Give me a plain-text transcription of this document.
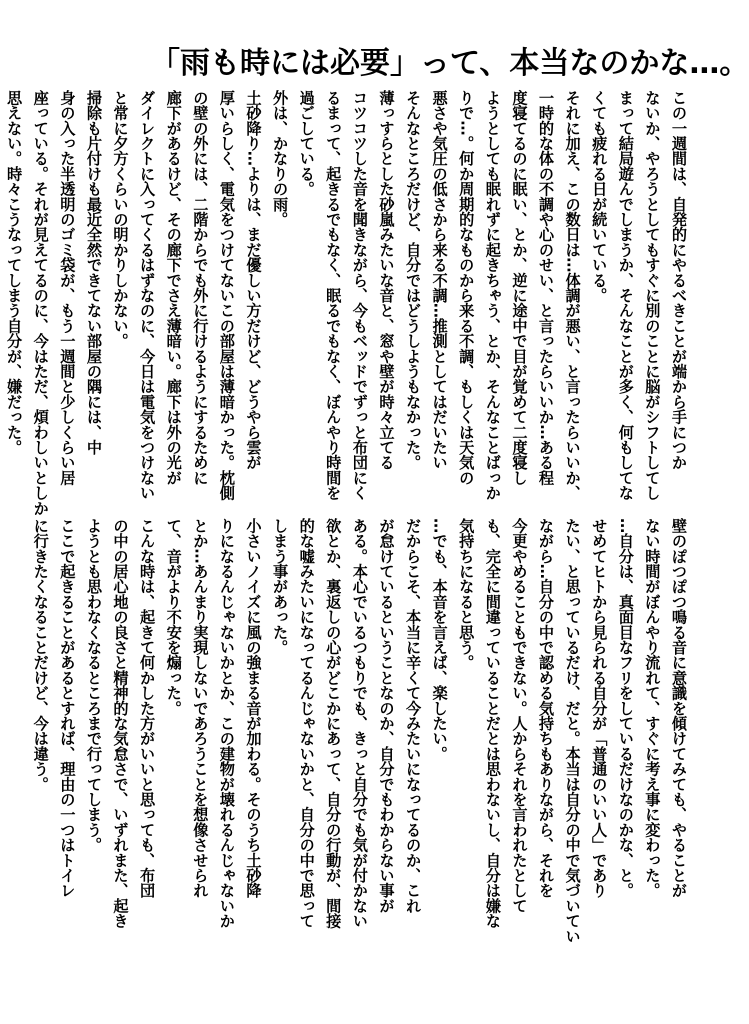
「雨も時には必要」って、本当なのかな…。

この一週間は、自発的にやるべきことが端から手につか

ないか、やろうとしてもすぐに別のことに脳がシフトしてし

まって結局遊んでしまうか、そんなことが多く、何もしてな

くても疲れる日が続いている。

それに加え、この数日は…体調が悪い、と言ったらいいか、

一時的な体の不調や心のせい、と言ったらいいか…ある程

度寝てるのに眠い、とか、逆に途中で目が覚めて二度寝し

ようとしても眠れずに起きちゃう、とか、そんなことばっか

りで…。何か周期的なものから来る不調、もしくは天気の

悪さや気圧の低さから来る不調…推測としてはだいたい

そんなところだけど、自分ではどうしようもなかった。

薄っすらとした砂嵐みたいな音と、窓や壁が時々立てる

コツコツした音を聞きながら、今もベッドでずっと布団にく

るまって、起きるでもなく、眠るでもなく、ぼんやり時間を

過ごしている。

外は、かなりの雨。

土砂降り…よりは、まだ優しい方だけど、どうやら雲が

厚いらしく、電気をつけてないこの部屋は薄暗かった。枕側

の壁の外には、二階からでも外に行けるようにするために

廊下があるけど、その廊下でさえ薄暗い。廊下は外の光が

ダイレクトに入ってくるはずなのに、今日は電気をつけない

と常に夕方くらいの明かりしかない。

掃除も片付けも最近全然できてない部屋の隅には、中

身の入った半透明のゴミ袋が、もう一週間と少しくらい居

座っている。それが見えてるのに、今はただ、煩わしいとしか

思えない。時々こうなってしまう自分が、嫌だった。

壁のぽつぽつ鳴る音に意識を傾けてみても、やることが

ない時間がぼんやり流れて、すぐに考え事に変わった。

…自分は、真面目なフリをしているだけなのかな、と。

せめてヒトから見られる自分が「普通のいい人」であり

たい、と思っているだけ、だと。本当は自分の中で気づいてい

ながら…自分の中で認める気持ちもありながら、それを

今更やめることもできない。人からそれを言われたとして

も、完全に間違っていることだとは思わないし、自分は嫌な

気持ちになると思う。

…でも、本音を言えば、楽したい。

だからこそ、本当に辛くて今みたいになってるのか、これ

が怠けているということなのか、自分でもわからない事が

ある。本心でいるつもりでも、きっと自分でも気が付かない

欲とか、裏返しの心がどこかにあって、自分の行動が、間接

的な嘘みたいになってるんじゃないかと、自分の中で思って

しまう事があった。

小さいノイズに風の強まる音が加わる。そのうち土砂降

りになるんじゃないかとか、この建物が壊れるんじゃないか

とか…あんまり実現しないであろうことを想像させられ

て、音がより不安を煽った。

こんな時は、起きて何かした方がいいと思っても、布団

の中の居心地の良さと精神的な気怠さで、いずれまた、起き

ようとも思わなくなるところまで行ってしまう。

ここで起きることがあるとすれば、理由の一つはトイレ

に行きたくなることだけど、今は違う。
